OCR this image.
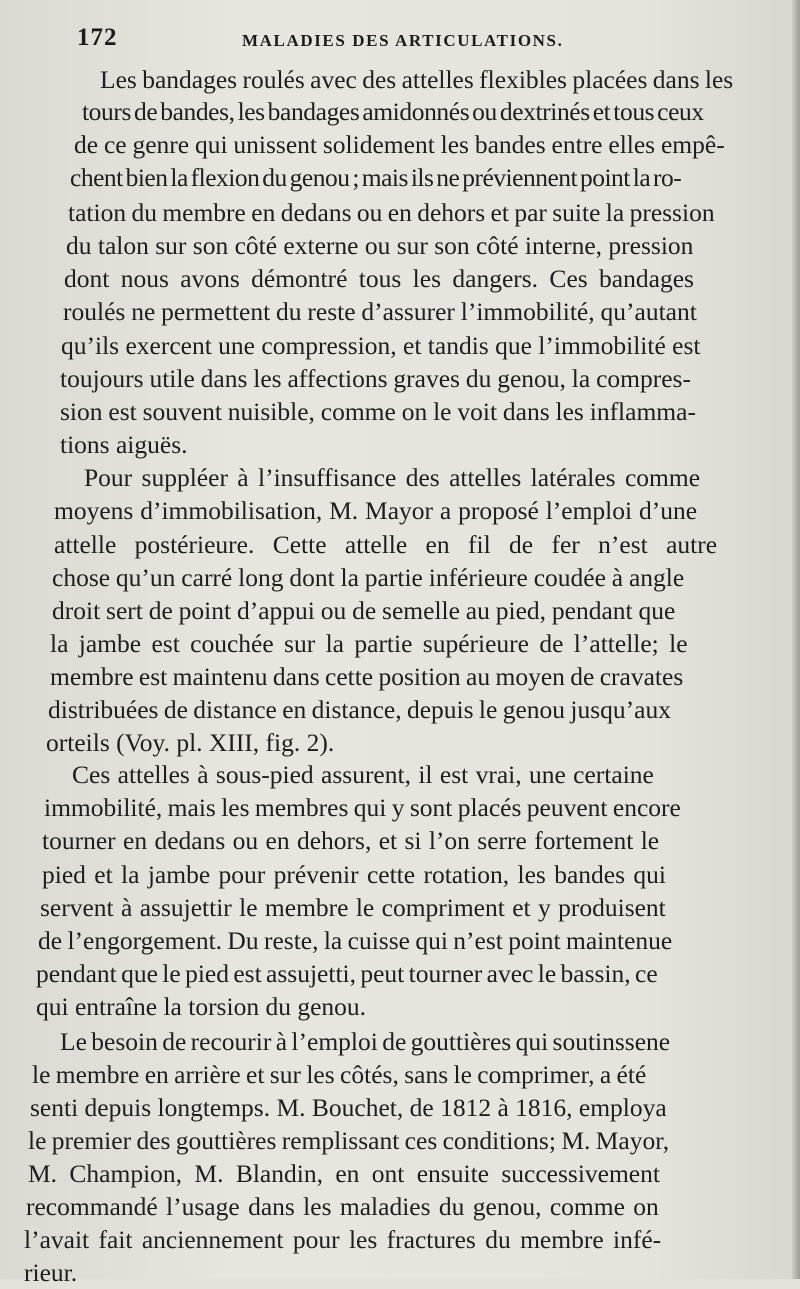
172	MALADIES DES ARTICULATIONS.
Les bandages roulés avec des attelles flexibles placées dans les
tours de bandes, les bandages amidonnés ou dextrinés et tous ceux
de ce genre qui unissent solidement les bandes entre elles empê-
chent bien la flexion du genou ; mais ils ne préviennent point la ro-
tation du membre en dedans ou en dehors et par suite la pression
du talon sur son côté externe ou sur son côté interne, pression
dont nous avons démontré tous les dangers. Ces bandages
roulés ne permettent du reste d’assurer l’immobilité, qu’autant
qu’ils exercent une compression, et tandis que l’immobilité est
toujours utile dans les affections graves du genou, la compres-
sion est souvent nuisible, comme on le voit dans les inflamma-
tions aiguës.
Pour suppléer à l’insuffisance des attelles latérales comme
moyens d’immobilisation, M. Mayor a proposé l’emploi d’une
attelle postérieure. Cette attelle en fil de fer n’est autre
chose qu’un carré long dont la partie inférieure coudée à angle
droit sert de point d’appui ou de semelle au pied, pendant que
la jambe est couchée sur la partie supérieure de l’attelle; le
membre est maintenu dans cette position au moyen de cravates
distribuées de distance en distance, depuis le genou jusqu’aux
orteils (Voy. pl. XIII, fig. 2).
Ces attelles à sous-pied assurent, il est vrai, une certaine
immobilité, mais les membres qui y sont placés peuvent encore
tourner en dedans ou en dehors, et si l’on serre fortement le
pied et la jambe pour prévenir cette rotation, les bandes qui
servent à assujettir le membre le compriment et y produisent
de l’engorgement. Du reste, la cuisse qui n’est point maintenue
pendant que le pied est assujetti, peut tourner avec le bassin, ce
qui entraîne la torsion du genou.
Le besoin de recourir à l’emploi de gouttières qui soutinssene
le membre en arrière et sur les côtés, sans le comprimer, a été
senti depuis longtemps. M. Bouchet, de 1812 à 1816, employa
le premier des gouttières remplissant ces conditions; M. Mayor,
M. Champion, M. Blandin, en ont ensuite successivement
recommandé l’usage dans les maladies du genou, comme on
l’avait fait anciennement pour les fractures du membre infé-
rieur.
